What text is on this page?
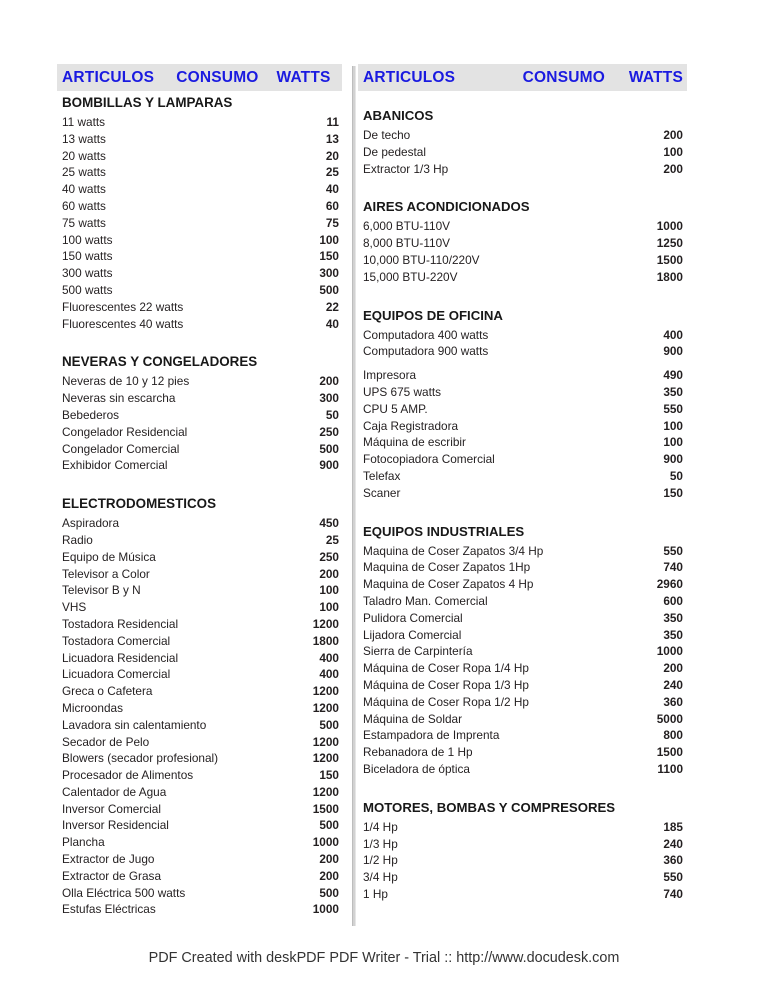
ARTICULOS CONSUMO	WATTS
BOMBILLAS Y LAMPARAS
11 watts	11
13 watts	13
20 watts	20
25 watts	25
40 watts	40
60 watts	60
75 watts	75
100 watts	100
150 watts	150
300 watts	300
500 watts	500
Fluorescentes 22 watts	22
Fluorescentes 40 watts	40
NEVERAS Y CONGELADORES
Neveras de 10 y 12 pies	200
Neveras sin escarcha	300
Bebederos	50
Congelador Residencial	250
Congelador Comercial	500
Exhibidor Comercial	900
ELECTRODOMESTICOS
Aspiradora	450
Radio	25
Equipo de Música	250
Televisor a Color	200
Televisor B y N	100
VHS	100
Tostadora Residencial	1200
Tostadora Comercial	1800
Licuadora Residencial	400
Licuadora Comercial	400
Greca o Cafetera	1200
Microondas	1200
Lavadora sin calentamiento	500
Secador de Pelo	1200
Blowers (secador profesional)	1200
Procesador de Alimentos	150
Calentador de Agua	1200
Inversor Comercial	1500
Inversor Residencial	500
Plancha	1000
Extractor de Jugo	200
Extractor de Grasa	200
Olla Eléctrica 500 watts	500
Estufas Eléctricas	1000
ARTICULOS	CONSUMO	WATTS
ABANICOS
De techo	200
De pedestal	100
Extractor 1/3 Hp	200
AIRES ACONDICIONADOS
6,000 BTU-110V	1000
8,000 BTU-110V	1250
10,000 BTU-110/220V	1500
15,000 BTU-220V	1800
EQUIPOS DE OFICINA
Computadora 400 watts	400
Computadora 900 watts	900
Impresora	490
UPS 675 watts	350
CPU 5 AMP.	550
Caja Registradora	100
Máquina de escribir	100
Fotocopiadora Comercial	900
Telefax	50
Scaner	150
EQUIPOS INDUSTRIALES
Maquina de Coser Zapatos 3/4 Hp	550
Maquina de Coser Zapatos 1Hp	740
Maquina de Coser Zapatos 4 Hp	2960
Taladro Man. Comercial	600
Pulidora Comercial	350
Lijadora Comercial	350
Sierra de Carpintería	1000
Máquina de Coser Ropa 1/4 Hp	200
Máquina de Coser Ropa 1/3 Hp	240
Máquina de Coser Ropa 1/2 Hp	360
Máquina de Soldar	5000
Estampadora de Imprenta	800
Rebanadora de 1 Hp	1500
Biceladora de óptica	1100
MOTORES, BOMBAS Y COMPRESORES
1/4 Hp	185
1/3 Hp	240
1/2 Hp	360
3/4 Hp	550
1 Hp	740
PDF Created with deskPDF PDF Writer - Trial :: http://www.docudesk.com
